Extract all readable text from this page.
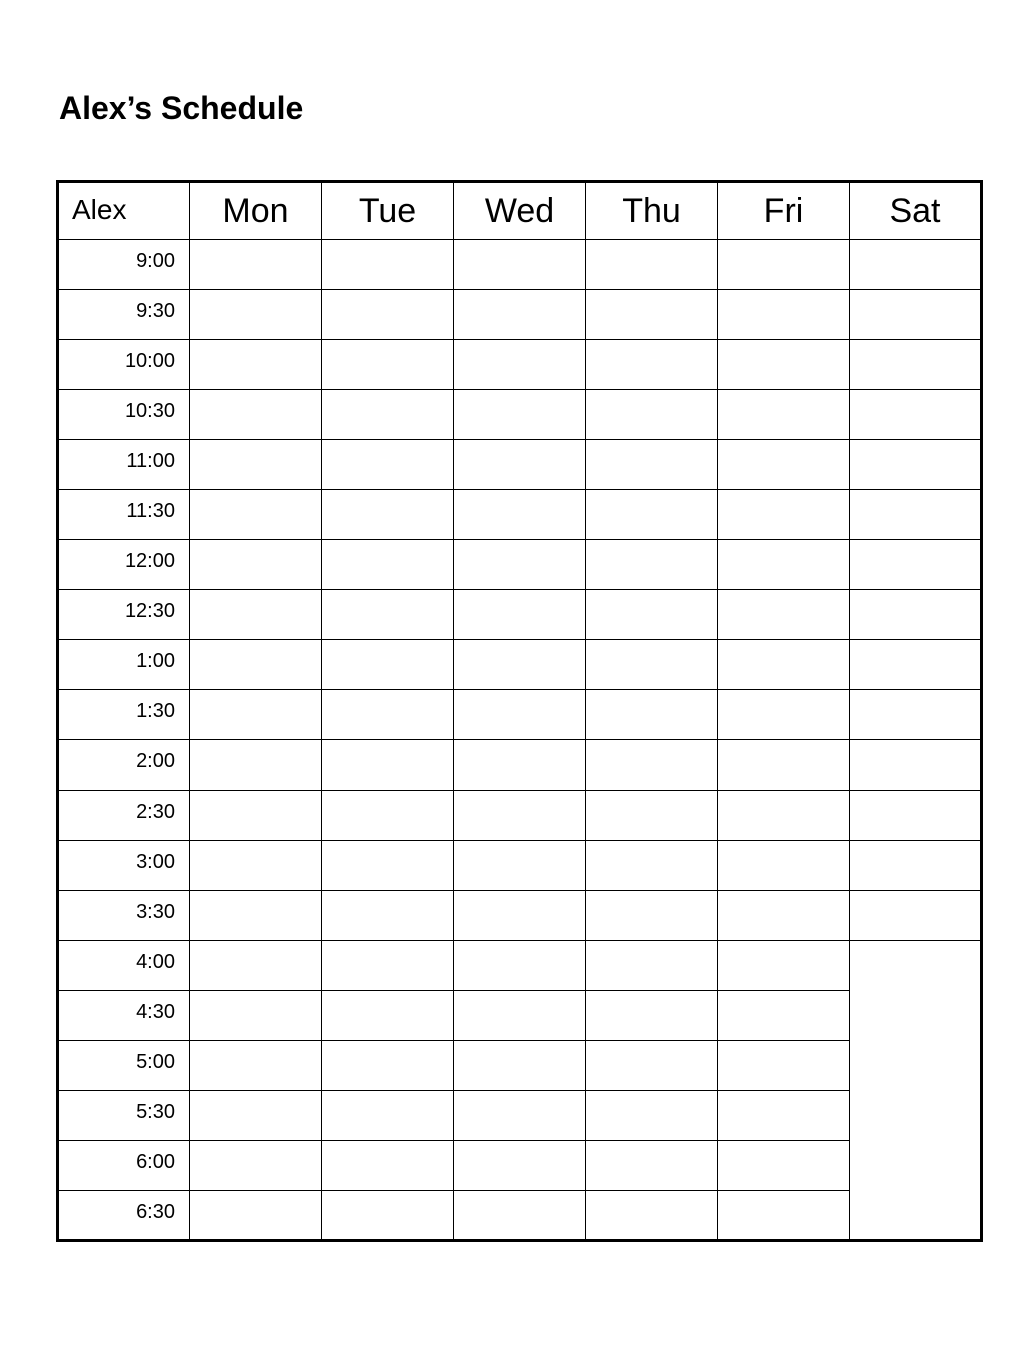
Alex’s Schedule
Alex	Mon	Tue	Wed	Thu	Fri	Sat
9:00						
9:30						
10:00						
10:30						
11:00						
11:30						
12:00						
12:30						
1:00						
1:30						
2:00						
2:30						
3:00						
3:30						
4:00						
4:30						
5:00						
5:30						
6:00						
6:30						
